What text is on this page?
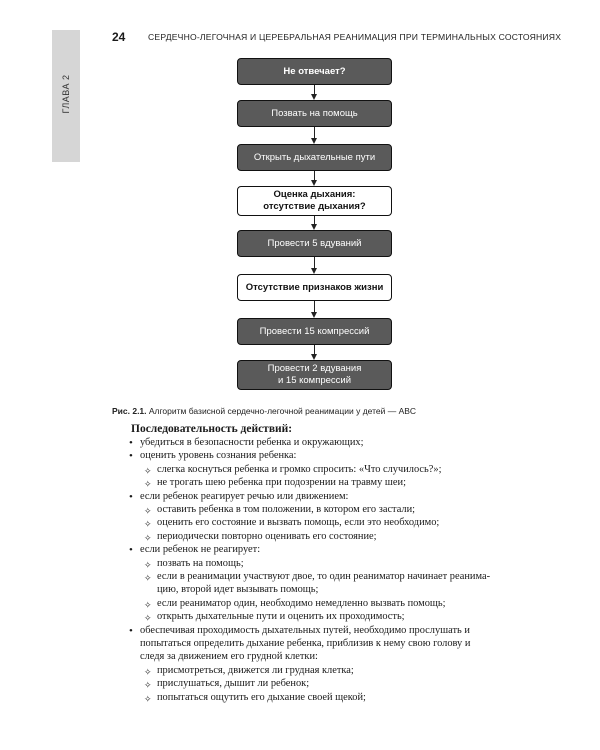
ГЛАВА 2
24	СЕРДЕЧНО-ЛЕГОЧНАЯ И ЦЕРЕБРАЛЬНАЯ РЕАНИМАЦИЯ ПРИ ТЕРМИНАЛЬНЫХ СОСТОЯНИЯХ
Не отвечает?
Позвать на помощь
Открыть дыхательные пути
Оценка дыхания:
отсутствие дыхания?
Провести 5 вдуваний
Отсутствие признаков жизни
Провести 15 компрессий
Провести 2 вдувания
и 15 компрессий
Рис. 2.1. Алгоритм базисной сердечно-легочной реанимации у детей — ABC
Последовательность действий:
• убедиться в безопасности ребенка и окружающих;
• оценить уровень сознания ребенка:
✧ слегка коснуться ребенка и громко спросить: «Что случилось?»;
✧ не трогать шею ребенка при подозрении на травму шеи;
• если ребенок реагирует речью или движением:
✧ оставить ребенка в том положении, в котором его застали;
✧ оценить его состояние и вызвать помощь, если это необходимо;
✧ периодически повторно оценивать его состояние;
• если ребенок не реагирует:
✧ позвать на помощь;
✧ если в реанимации участвуют двое, то один реаниматор начинает реанима-
цию, второй идет вызывать помощь;
✧ если реаниматор один, необходимо немедленно вызвать помощь;
✧ открыть дыхательные пути и оценить их проходимость;
• обеспечивая проходимость дыхательных путей, необходимо прослушать и
попытаться определить дыхание ребенка, приблизив к нему свою голову и
следя за движением его грудной клетки:
✧ присмотреться, движется ли грудная клетка;
✧ прислушаться, дышит ли ребенок;
✧ попытаться ощутить его дыхание своей щекой;
